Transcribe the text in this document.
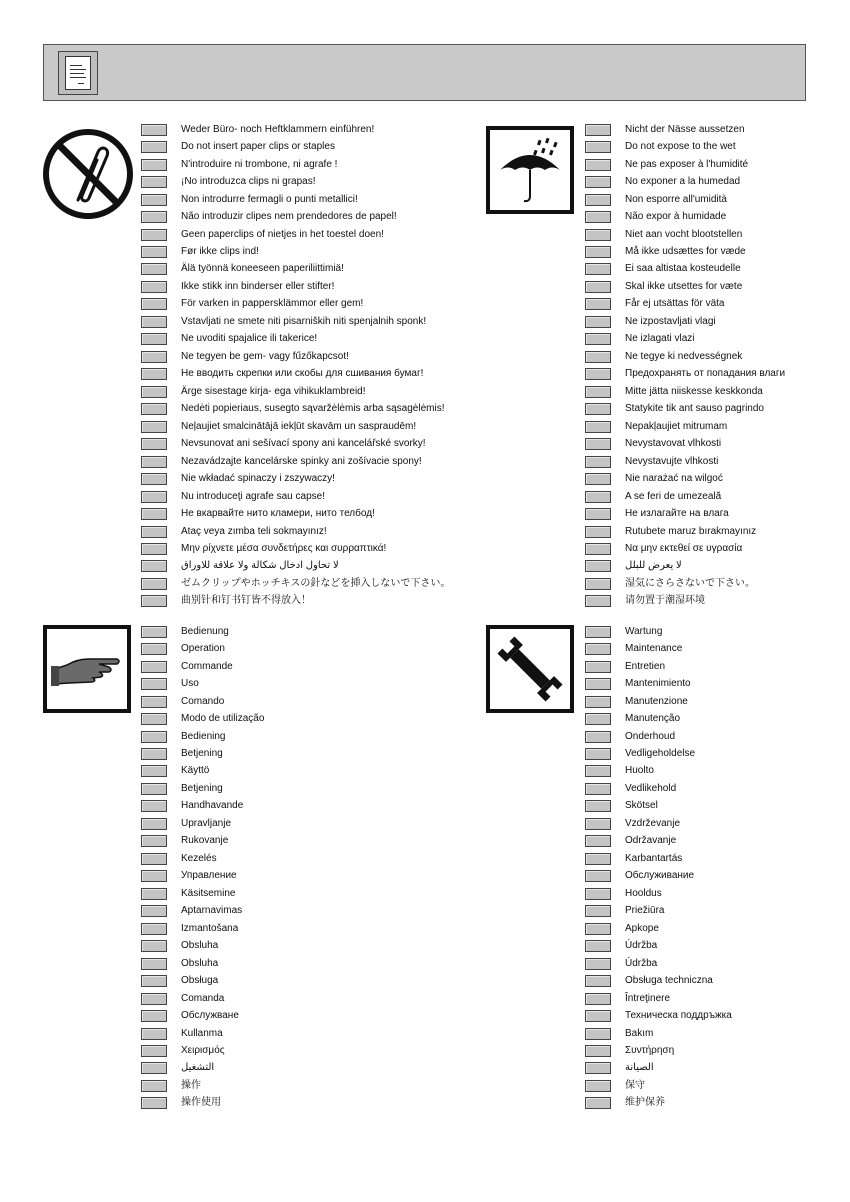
Weder Büro- noch Heftklammern einführen!
Do not insert paper clips or staples
N'introduire ni trombone, ni agrafe !
¡No introduzca clips ni grapas!
Non introdurre fermagli o punti metallici!
Não introduzir clipes nem prendedores de papel!
Geen paperclips of nietjes in het toestel doen!
Før ikke clips ind!
Älä työnnä koneeseen paperiliittimiä!
Ikke stikk inn binderser eller stifter!
För varken in pappersklämmor eller gem!
Vstavljati ne smete niti pisarniških niti spenjalnih sponk!
Ne uvoditi spajalice ili takerice!
Ne tegyen be gem- vagy fűzőkapcsot!
Не вводить скрепки или скобы для сшивания бумаг!
Ärge sisestage kirja- ega vihikuklambreid!
Nedėti popieriaus, susegto sąvaržėlėmis arba sąsagėlėmis!
Neļaujiet smalcinātājā iekļūt skavām un saspraudēm!
Nevsunovat ani sešívací spony ani kancelářské svorky!
Nezavádzajte kancelárske spinky ani zošívacie spony!
Nie wkładać spinaczy i zszywaczy!
Nu introduceţi agrafe sau capse!
Не вкарвайте нито кламери, нито телбод!
Ataç veya zımba teli sokmayınız!
Μην ρίχνετε μέσα συνδετήρες και συρραπτικά!
لا تحاول ادخال شكالة ولا علاقة للاوراق
ゼムクリップやホッチキスの針などを挿入しないで下さい。
曲别针和钉书钉皆不得放入！
Nicht der Nässe aussetzen
Do not expose to the wet
Ne pas exposer à l'humidité
No exponer a la humedad
Non esporre all'umidità
Não expor à humidade
Niet aan vocht blootstellen
Må ikke udsættes for væde
Ei saa altistaa kosteudelle
Skal ikke utsettes for væte
Får ej utsättas för väta
Ne izpostavljati vlagi
Ne izlagati vlazi
Ne tegye ki nedvességnek
Предохранять от попадания влаги
Mitte jätta niiskesse keskkonda
Statykite tik ant sauso pagrindo
Nepakļaujiet mitrumam
Nevystavovat vlhkosti
Nevystavujte vlhkosti
Nie narażać na wilgoć
A se feri de umezeală
Не излагайте на влага
Rutubete maruz bırakmayınız
Να μην εκτεθεί σε υγρασία
لا يعرض للبلل
湿気にさらさないで下さい。
请勿置于潮湿环境
Bedienung
Operation
Commande
Uso
Comando
Modo de utilização
Bediening
Betjening
Käyttö
Betjening
Handhavande
Upravljanje
Rukovanje
Kezelés
Управление
Käsitsemine
Aptarnavimas
Izmantošana
Obsluha
Obsluha
Obsługa
Comanda
Обслужване
Kullanma
Χειρισμός
التشغيل
操作
操作使用
Wartung
Maintenance
Entretien
Mantenimiento
Manutenzione
Manutenção
Onderhoud
Vedligeholdelse
Huolto
Vedlikehold
Skötsel
Vzdrževanje
Održavanje
Karbantartás
Обслуживание
Hooldus
Priežiūra
Apkope
Údržba
Údržba
Obsługa techniczna
Întreţinere
Техническа поддръжка
Bakım
Συντήρηση
الصيانة
保守
维护保养
